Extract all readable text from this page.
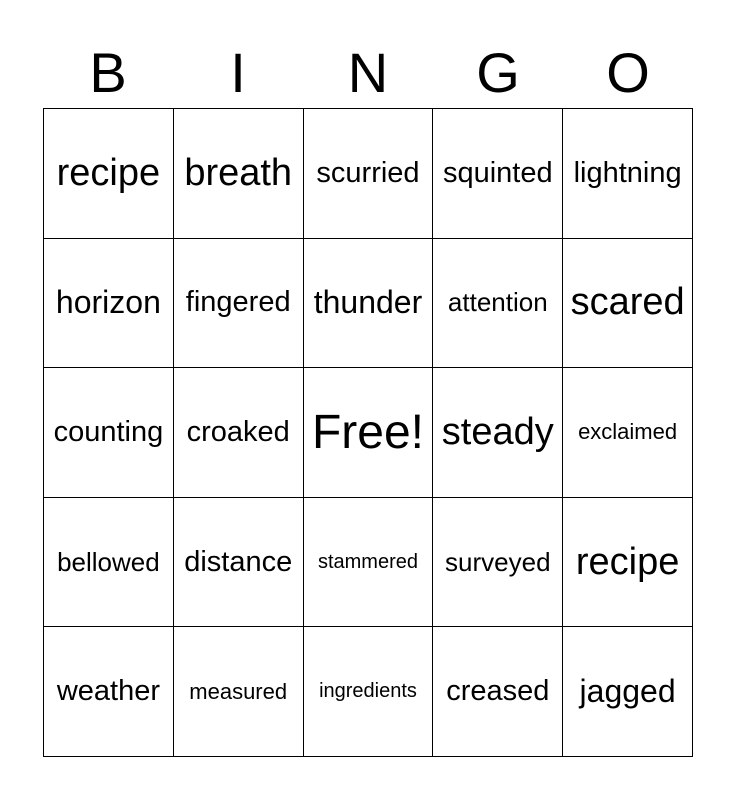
B	I	N	G	O
recipe breath scurried squinted lightning
horizon fingered thunder attention scared
counting croaked Free! steady	exclaimed
bellowed distance	stammered	surveyed recipe
weather	measured	ingredients	creased jagged
